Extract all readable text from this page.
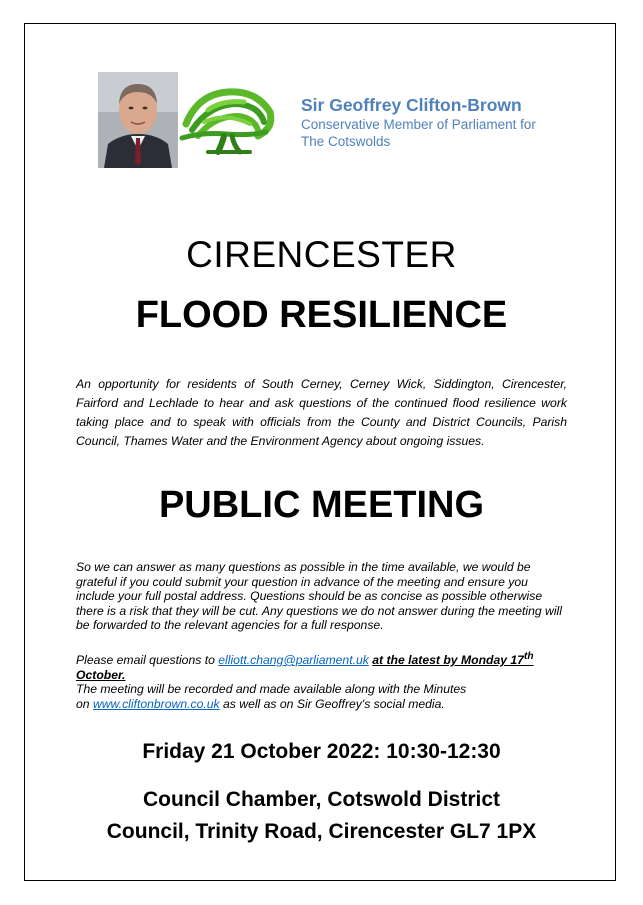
Sir Geoffrey Clifton-Brown
Conservative Member of Parliament for
The Cotswolds
CIRENCESTER
FLOOD RESILIENCE
An opportunity for residents of South Cerney, Cerney Wick, Siddington, Cirencester, Fairford and Lechlade to hear and ask questions of the continued flood resilience work taking place and to speak with officials from the County and District Councils, Parish Council, Thames Water and the Environment Agency about ongoing issues.
PUBLIC MEETING
So we can answer as many questions as possible in the time available, we would be grateful if you could submit your question in advance of the meeting and ensure you include your full postal address. Questions should be as concise as possible otherwise there is a risk that they will be cut. Any questions we do not answer during the meeting will be forwarded to the relevant agencies for a full response.
Please email questions to elliott.chang@parliament.uk at the latest by Monday 17th
October.
The meeting will be recorded and made available along with the Minutes
on www.cliftonbrown.co.uk as well as on Sir Geoffrey's social media.
Friday 21 October 2022: 10:30-12:30
Council Chamber, Cotswold District
Council, Trinity Road, Cirencester GL7 1PX
